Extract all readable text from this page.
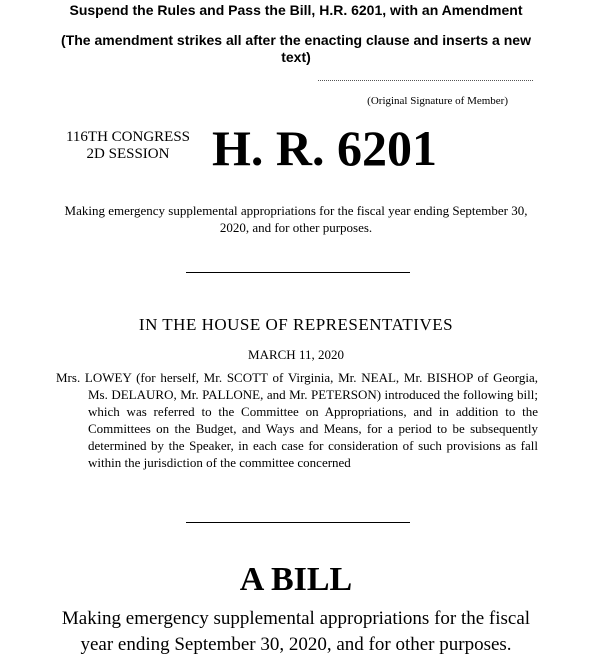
Suspend the Rules and Pass the Bill, H.R. 6201, with an Amendment
(The amendment strikes all after the enacting clause and inserts a new text)
(Original Signature of Member)
116TH CONGRESS
2D SESSION H. R. 6201
Making emergency supplemental appropriations for the fiscal year ending September 30, 2020, and for other purposes.
IN THE HOUSE OF REPRESENTATIVES
MARCH 11, 2020
Mrs. LOWEY (for herself, Mr. SCOTT of Virginia, Mr. NEAL, Mr. BISHOP of Georgia, Ms. DELAURO, Mr. PALLONE, and Mr. PETERSON) introduced the following bill; which was referred to the Committee on Appropriations, and in addition to the Committees on the Budget, and Ways and Means, for a period to be subsequently determined by the Speaker, in each case for consideration of such provisions as fall within the jurisdiction of the committee concerned
A BILL
Making emergency supplemental appropriations for the fiscal year ending September 30, 2020, and for other purposes.
